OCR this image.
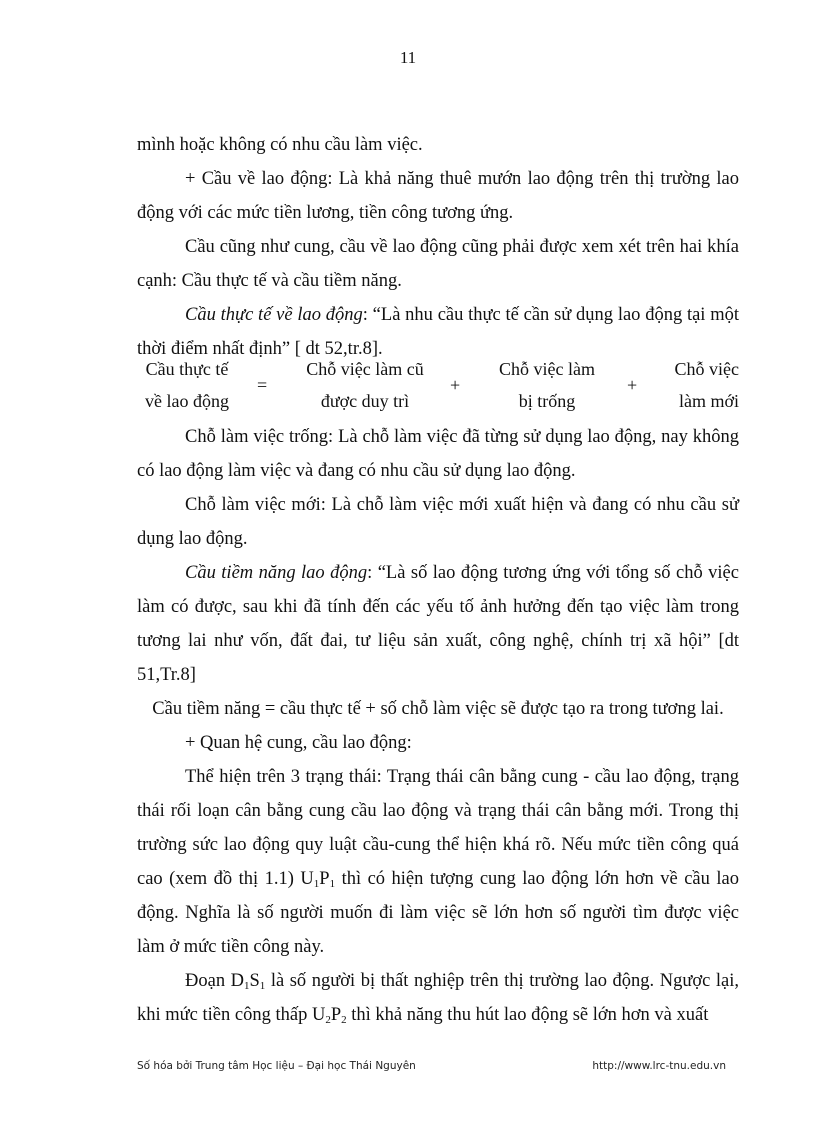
11

mình hoặc không có nhu cầu làm việc.

+ Cầu về lao động: Là khả năng thuê mướn lao động trên thị trường lao động với các mức tiền lương, tiền công tương ứng.

Cầu cũng như cung, cầu về lao động cũng phải được xem xét trên hai khía cạnh: Cầu thực tế và cầu tiềm năng.

Cầu thực tế về lao động: “Là nhu cầu thực tế cần sử dụng lao động tại một thời điểm nhất định” [ dt 52,tr.8].

Cầu thực tế
về lao động
=
Chỗ việc làm cũ
được duy trì
+
Chỗ việc làm
bị trống
+
Chỗ việc
làm mới

Chỗ làm việc trống: Là chỗ làm việc đã từng sử dụng lao động, nay không có lao động làm việc và đang có nhu cầu sử dụng lao động.

Chỗ làm việc mới: Là chỗ làm việc mới xuất hiện và đang có nhu cầu sử dụng lao động.

Cầu tiềm năng lao động: “Là số lao động tương ứng với tổng số chỗ việc làm có được, sau khi đã tính đến các yếu tố ảnh hưởng đến tạo việc làm trong tương lai như vốn, đất đai, tư liệu sản xuất, công nghệ, chính trị xã hội” [dt 51,Tr.8]

Cầu tiềm năng = cầu thực tế + số chỗ làm việc sẽ được tạo ra trong tương lai.

+ Quan hệ cung, cầu lao động:

Thể hiện trên 3 trạng thái: Trạng thái cân bằng cung - cầu lao động, trạng thái rối loạn cân bằng cung cầu lao động và trạng thái cân bằng mới. Trong thị trường sức lao động quy luật cầu-cung thể hiện khá rõ. Nếu mức tiền công quá cao (xem đồ thị 1.1) $U_1P_1$ thì có hiện tượng cung lao động lớn hơn về cầu lao động. Nghĩa là số người muốn đi làm việc sẽ lớn hơn số người tìm được việc làm ở mức tiền công này.

Đoạn $D_1S_1$ là số người bị thất nghiệp trên thị trường lao động. Ngược lại, khi mức tiền công thấp $U_2P_2$ thì khả năng thu hút lao động sẽ lớn hơn và xuất

Số hóa bởi Trung tâm Học liệu – Đại học Thái Nguyên	http://www.lrc-tnu.edu.vn
